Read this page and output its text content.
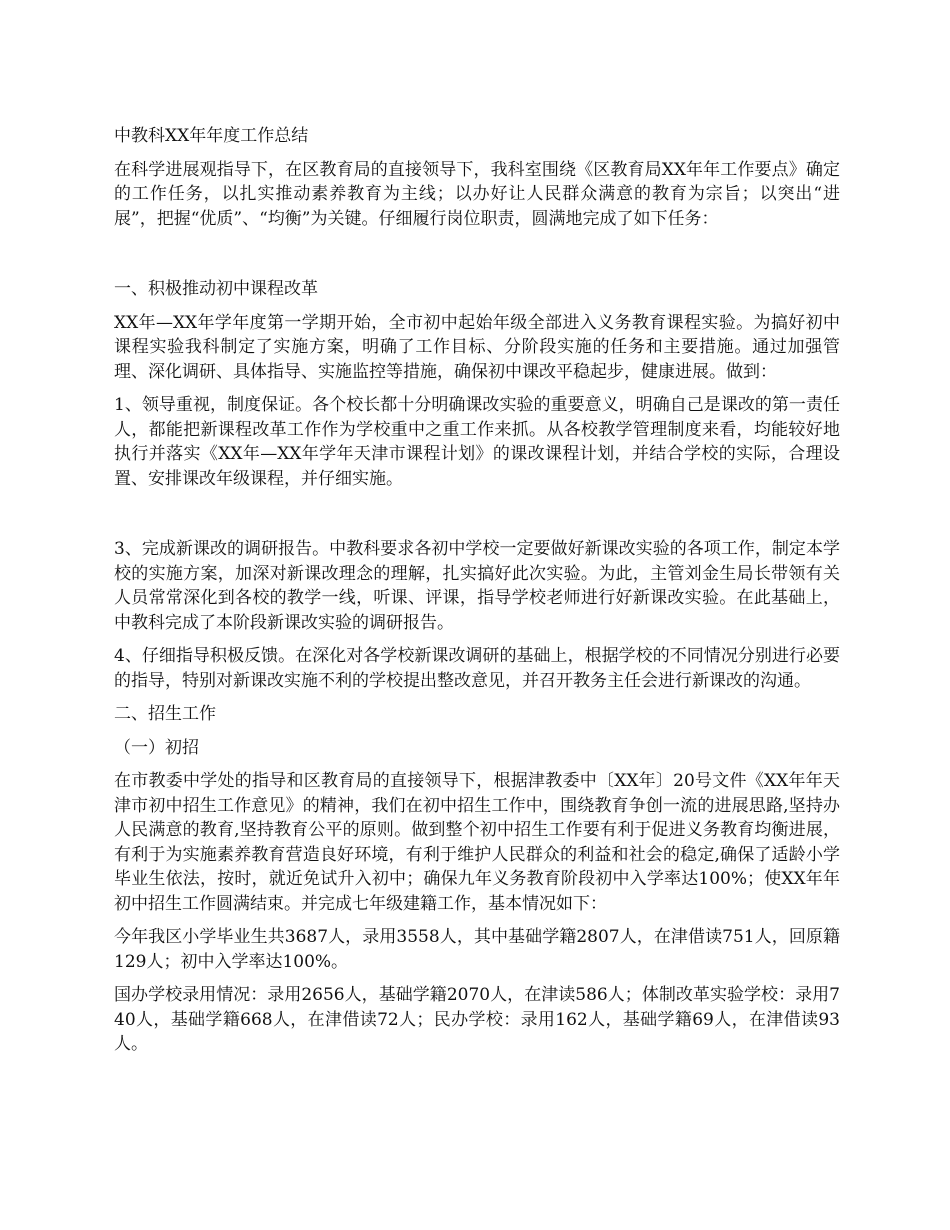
中教科XX年年度工作总结

在科学进展观指导下，在区教育局的直接领导下，我科室围绕《区教育局XX年年工作要点》确定的工作任务，以扎实推动素养教育为主线；以办好让人民群众满意的教育为宗旨；以突出“进展”，把握“优质”、“均衡”为关键。仔细履行岗位职责，圆满地完成了如下任务：

一、积极推动初中课程改革

XX年—XX年学年度第一学期开始，全市初中起始年级全部进入义务教育课程实验。为搞好初中课程实验我科制定了实施方案，明确了工作目标、分阶段实施的任务和主要措施。通过加强管理、深化调研、具体指导、实施监控等措施，确保初中课改平稳起步，健康进展。做到：

1、领导重视，制度保证。各个校长都十分明确课改实验的重要意义，明确自己是课改的第一责任人，都能把新课程改革工作作为学校重中之重工作来抓。从各校教学管理制度来看，均能较好地执行并落实《XX年—XX年学年天津市课程计划》的课改课程计划，并结合学校的实际，合理设置、安排课改年级课程，并仔细实施。

3、完成新课改的调研报告。中教科要求各初中学校一定要做好新课改实验的各项工作，制定本学校的实施方案，加深对新课改理念的理解，扎实搞好此次实验。为此，主管刘金生局长带领有关人员常常深化到各校的教学一线，听课、评课，指导学校老师进行好新课改实验。在此基础上，中教科完成了本阶段新课改实验的调研报告。

4、仔细指导积极反馈。在深化对各学校新课改调研的基础上，根据学校的不同情况分别进行必要的指导，特别对新课改实施不利的学校提出整改意见，并召开教务主任会进行新课改的沟通。

二、招生工作

（一）初招

在市教委中学处的指导和区教育局的直接领导下，根据津教委中〔XX年〕20号文件《XX年年天津市初中招生工作意见》的精神，我们在初中招生工作中，围绕教育争创一流的进展思路,坚持办人民满意的教育,坚持教育公平的原则。做到整个初中招生工作要有利于促进义务教育均衡进展，有利于为实施素养教育营造良好环境，有利于维护人民群众的利益和社会的稳定,确保了适龄小学毕业生依法，按时，就近免试升入初中；确保九年义务教育阶段初中入学率达100%；使XX年年初中招生工作圆满结束。并完成七年级建籍工作，基本情况如下：

今年我区小学毕业生共3687人，录用3558人，其中基础学籍2807人，在津借读751人，回原籍129人；初中入学率达100%。

国办学校录用情况：录用2656人，基础学籍2070人，在津读586人；体制改革实验学校：录用740人，基础学籍668人，在津借读72人；民办学校：录用162人，基础学籍69人，在津借读93人。
